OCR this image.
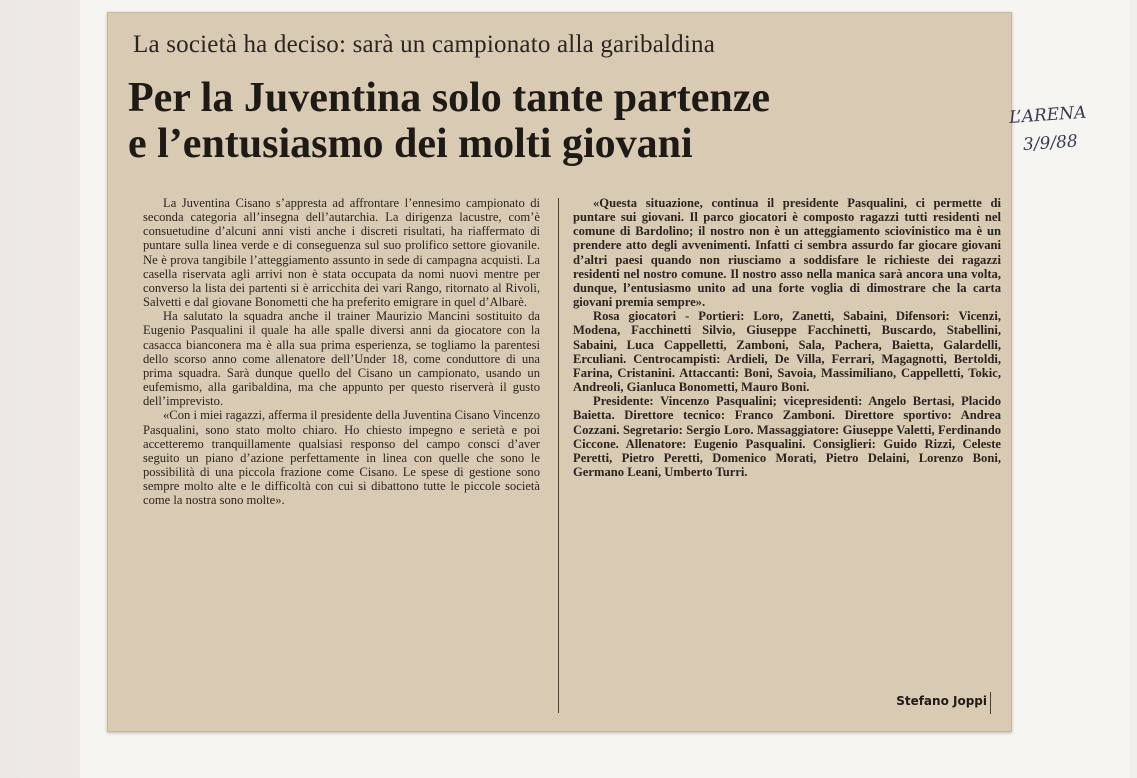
La società ha deciso: sarà un campionato alla garibaldina
Per la Juventina solo tante partenze
e l’entusiasmo dei molti giovani

La Juventina Cisano s’appresta ad affrontare l’ennesimo campionato di seconda categoria all’insegna dell’autarchia. La dirigenza lacustre, com’è consuetudine d’alcuni anni visti anche i discreti risultati, ha riaffermato di puntare sulla linea verde e di conseguenza sul suo prolifico settore giovanile. Ne è prova tangibile l’atteggiamento assunto in sede di campagna acquisti. La casella riservata agli arrivi non è stata occupata da nomi nuovi mentre per converso la lista dei partenti si è arricchita dei vari Rango, ritornato al Rivoli, Salvetti e dal giovane Bonometti che ha preferito emigrare in quel d’Albarè.

Ha salutato la squadra anche il trainer Maurizio Mancini sostituito da Eugenio Pasqualini il quale ha alle spalle diversi anni da giocatore con la casacca bianconera ma è alla sua prima esperienza, se togliamo la parentesi dello scorso anno come allenatore dell’Under 18, come conduttore di una prima squadra. Sarà dunque quello del Cisano un campionato, usando un eufemismo, alla garibaldina, ma che appunto per questo riserverà il gusto dell’imprevisto.

«Con i miei ragazzi, afferma il presidente della Juventina Cisano Vincenzo Pasqualini, sono stato molto chiaro. Ho chiesto impegno e serietà e poi accetteremo tranquillamente qualsiasi responso del campo consci d’aver seguito un piano d’azione perfettamente in linea con quelle che sono le possibilità di una piccola frazione come Cisano. Le spese di gestione sono sempre molto alte e le difficoltà con cui si dibattono tutte le piccole società come la nostra sono molte».

«Questa situazione, continua il presidente Pasqualini, ci permette di puntare sui giovani. Il parco giocatori è composto ragazzi tutti residenti nel comune di Bardolino; il nostro non è un atteggiamento sciovinistico ma è un prendere atto degli avvenimenti. Infatti ci sembra assurdo far giocare giovani d’altri paesi quando non riusciamo a soddisfare le richieste dei ragazzi residenti nel nostro comune. Il nostro asso nella manica sarà ancora una volta, dunque, l’entusiasmo unito ad una forte voglia di dimostrare che la carta giovani premia sempre».

Rosa giocatori - Portieri: Loro, Zanetti, Sabaini, Difensori: Vicenzi, Modena, Facchinetti Silvio, Giuseppe Facchinetti, Buscardo, Stabellini, Sabaini, Luca Cappelletti, Zamboni, Sala, Pachera, Baietta, Galardelli, Erculiani. Centrocampisti: Ardieli, De Villa, Ferrari, Magagnotti, Bertoldi, Farina, Cristanini. Attaccanti: Boni, Savoia, Massimiliano, Cappelletti, Tokic, Andreoli, Gianluca Bonometti, Mauro Boni.

Presidente: Vincenzo Pasqualini; vicepresidenti: Angelo Bertasi, Placido Baietta. Direttore tecnico: Franco Zamboni. Direttore sportivo: Andrea Cozzani. Segretario: Sergio Loro. Massaggiatore: Giuseppe Valetti, Ferdinando Ciccone. Allenatore: Eugenio Pasqualini. Consiglieri: Guido Rizzi, Celeste Peretti, Pietro Peretti, Domenico Morati, Pietro Delaini, Lorenzo Boni, Germano Leani, Umberto Turri.

Stefano Joppi
L’ARENA
3/9/88
